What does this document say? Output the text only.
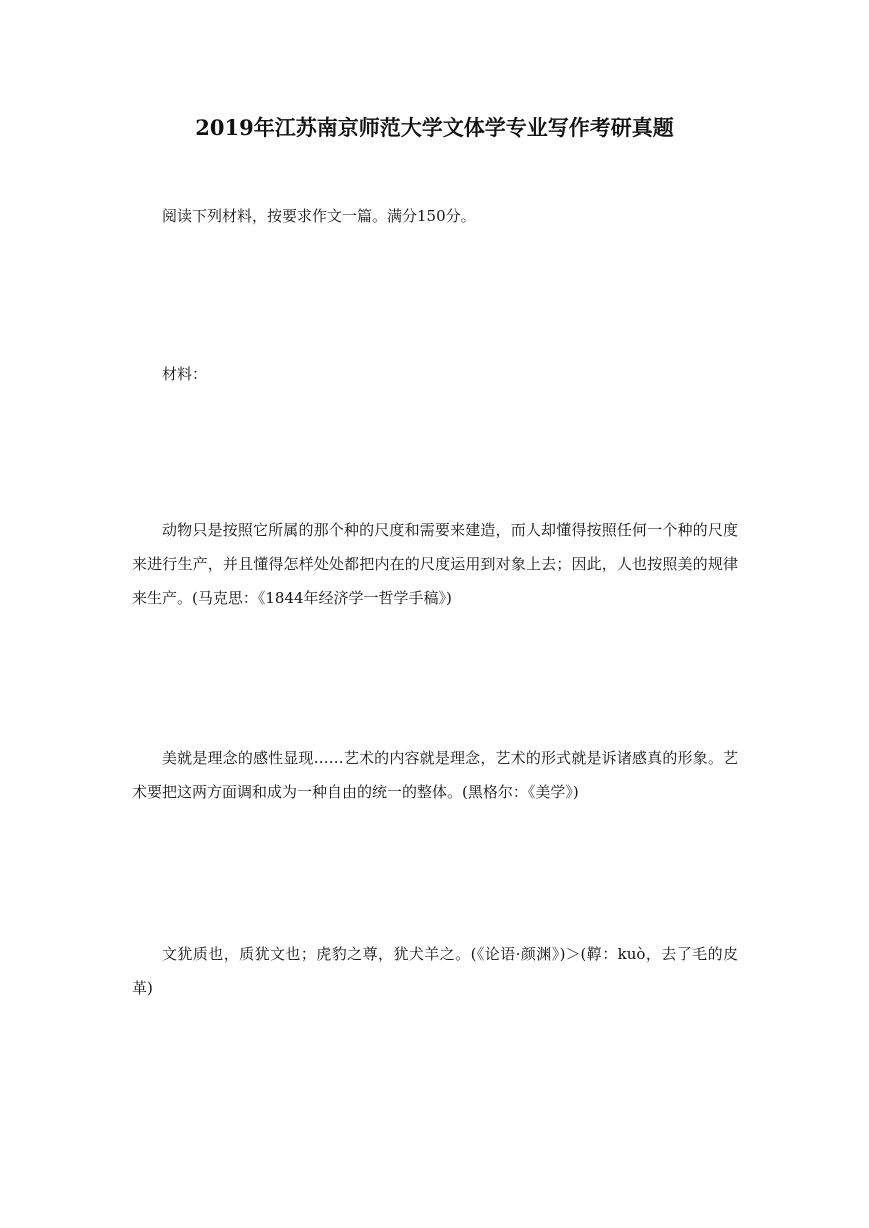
2019年江苏南京师范大学文体学专业写作考研真题

阅读下列材料，按要求作文一篇。满分150分。

材料：

动物只是按照它所属的那个种的尺度和需要来建造，而人却懂得按照任何一个种的尺度来进行生产，并且懂得怎样处处都把内在的尺度运用到对象上去；因此，人也按照美的规律来生产。(马克思：《1844年经济学一哲学手稿》)

美就是理念的感性显现……艺术的内容就是理念，艺术的形式就是诉诸感真的形象。艺术要把这两方面调和成为一种自由的统一的整体。(黑格尔：《美学》)

文犹质也，质犹文也；虎豹之尊，犹犬羊之。(《论语·颜渊》)＞(鞟：kuò，去了毛的皮革)
